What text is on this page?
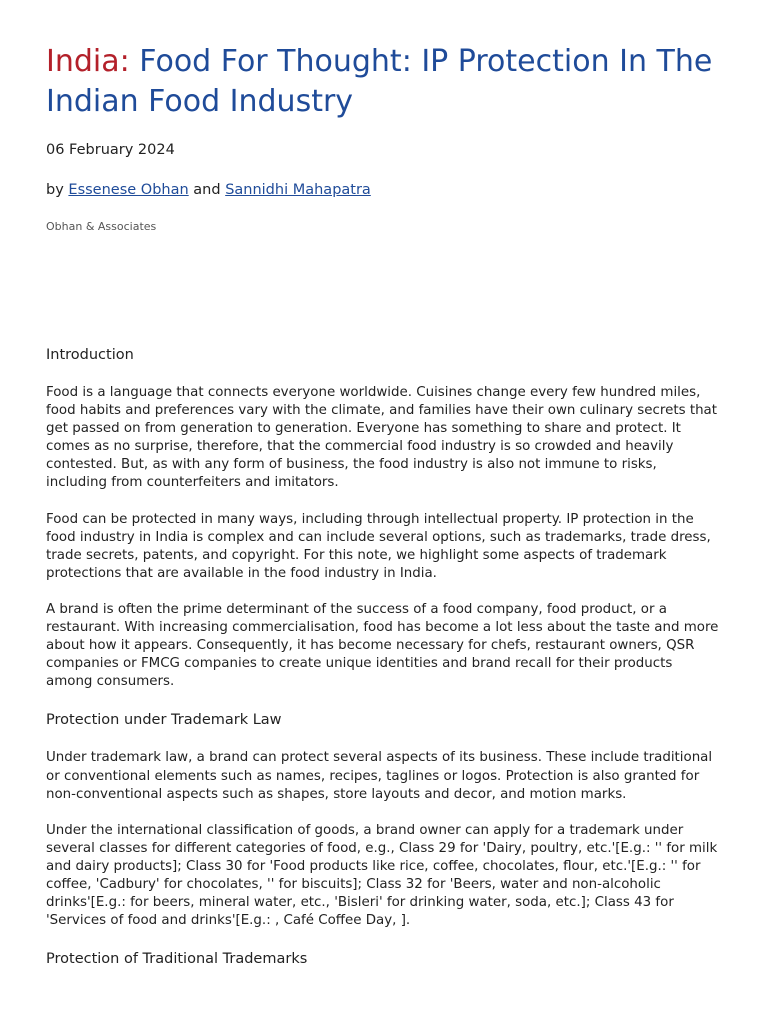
India: Food For Thought: IP Protection In The Indian Food Industry
06 February 2024
by Essenese Obhan and Sannidhi Mahapatra
Obhan & Associates
Introduction

Food is a language that connects everyone worldwide. Cuisines change every few hundred miles, food habits and preferences vary with the climate, and families have their own culinary secrets that get passed on from generation to generation. Everyone has something to share and protect. It comes as no surprise, therefore, that the commercial food industry is so crowded and heavily contested. But, as with any form of business, the food industry is also not immune to risks, including from counterfeiters and imitators.

Food can be protected in many ways, including through intellectual property. IP protection in the food industry in India is complex and can include several options, such as trademarks, trade dress, trade secrets, patents, and copyright. For this note, we highlight some aspects of trademark protections that are available in the food industry in India.

A brand is often the prime determinant of the success of a food company, food product, or a restaurant. With increasing commercialisation, food has become a lot less about the taste and more about how it appears. Consequently, it has become necessary for chefs, restaurant owners, QSR companies or FMCG companies to create unique identities and brand recall for their products among consumers.

Protection under Trademark Law

Under trademark law, a brand can protect several aspects of its business. These include traditional or conventional elements such as names, recipes, taglines or logos. Protection is also granted for non-conventional aspects such as shapes, store layouts and decor, and motion marks.

Under the international classification of goods, a brand owner can apply for a trademark under several classes for different categories of food, e.g., Class 29 for 'Dairy, poultry, etc.'[E.g.: '' for milk and dairy products]; Class 30 for 'Food products like rice, coffee, chocolates, flour, etc.'[E.g.: '' for coffee, 'Cadbury' for chocolates, '' for biscuits]; Class 32 for 'Beers, water and non-alcoholic drinks'[E.g.: for beers, mineral water, etc., 'Bisleri' for drinking water, soda, etc.]; Class 43 for 'Services of food and drinks'[E.g.: , Café Coffee Day, ].

Protection of Traditional Trademarks
